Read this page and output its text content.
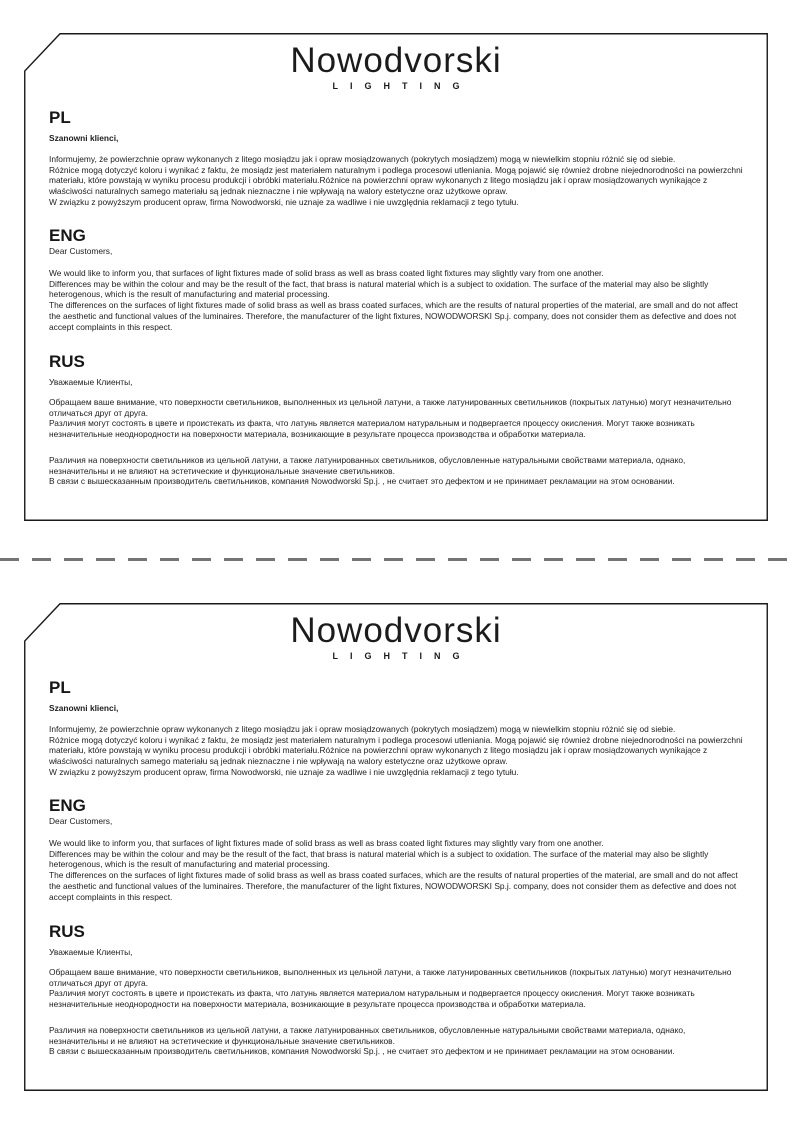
Nowodvorski
LIGHTING
PL
Szanowni klienci,
Informujemy, że powierzchnie opraw wykonanych z litego mosiądzu jak i opraw mosiądzowanych (pokrytych mosiądzem) mogą w niewielkim stopniu różnić się od siebie.
Różnice mogą dotyczyć koloru i wynikać z faktu, że mosiądz jest materiałem naturalnym i podlega procesowi utleniania. Mogą pojawić się również drobne niejednorodności na powierzchni materiału, które powstają w wyniku procesu produkcji i obróbki materiału.Różnice na powierzchni opraw wykonanych z litego mosiądzu jak i opraw mosiądzowanych wynikające z właściwości naturalnych samego materiału są jednak nieznaczne i nie wpływają na walory estetyczne oraz użytkowe opraw.
W związku z powyższym producent opraw, firma Nowodworski, nie uznaje za wadliwe i nie uwzględnia reklamacji z tego tytułu.
ENG
Dear Customers,
We would like to inform you, that surfaces of light fixtures made of solid brass as well as brass coated light fixtures may slightly vary from one another.
Differences may be within the colour and may be the result of the fact, that brass is natural material which is a subject to oxidation. The surface of the material may also be slightly heterogenous, which is the result of manufacturing and material processing.
The differences on the surfaces of light fixtures made of solid brass as well as brass coated surfaces, which are the results of natural properties of the material, are small and do not affect the aesthetic and functional values of the luminaires. Therefore, the manufacturer of the light fixtures, NOWODWORSKI Sp.j. company, does not consider them as defective and does not accept complaints in this respect.
RUS
Уважаемые Клиенты,
Обращаем ваше внимание, что поверхности светильников, выполненных из цельной латуни, а также латунированных светильников (покрытых латунью) могут незначительно отличаться друг от друга.
Различия могут состоять в цвете и проистекать из факта, что латунь является материалом натуральным и подвергается процессу окисления. Могут также возникать незначительные неоднородности на поверхности материала, возникающие в результате процесса производства и обработки материала.
Различия на поверхности светильников из цельной латуни, а также латунированных светильников, обусловленные натуральными свойствами материала, однако, незначительны и не влияют на эстетические и функциональные значение светильников.
В связи с вышесказанным производитель светильников, компания Nowodworski Sp.j. , не считает это дефектом и не принимает рекламации на этом основании.
Nowodvorski
LIGHTING
PL
Szanowni klienci,
Informujemy, że powierzchnie opraw wykonanych z litego mosiądzu jak i opraw mosiądzowanych (pokrytych mosiądzem) mogą w niewielkim stopniu różnić się od siebie.
Różnice mogą dotyczyć koloru i wynikać z faktu, że mosiądz jest materiałem naturalnym i podlega procesowi utleniania. Mogą pojawić się również drobne niejednorodności na powierzchni materiału, które powstają w wyniku procesu produkcji i obróbki materiału.Różnice na powierzchni opraw wykonanych z litego mosiądzu jak i opraw mosiądzowanych wynikające z właściwości naturalnych samego materiału są jednak nieznaczne i nie wpływają na walory estetyczne oraz użytkowe opraw.
W związku z powyższym producent opraw, firma Nowodworski, nie uznaje za wadliwe i nie uwzględnia reklamacji z tego tytułu.
ENG
Dear Customers,
We would like to inform you, that surfaces of light fixtures made of solid brass as well as brass coated light fixtures may slightly vary from one another.
Differences may be within the colour and may be the result of the fact, that brass is natural material which is a subject to oxidation. The surface of the material may also be slightly heterogenous, which is the result of manufacturing and material processing.
The differences on the surfaces of light fixtures made of solid brass as well as brass coated surfaces, which are the results of natural properties of the material, are small and do not affect the aesthetic and functional values of the luminaires. Therefore, the manufacturer of the light fixtures, NOWODWORSKI Sp.j. company, does not consider them as defective and does not accept complaints in this respect.
RUS
Уважаемые Клиенты,
Обращаем ваше внимание, что поверхности светильников, выполненных из цельной латуни, а также латунированных светильников (покрытых латунью) могут незначительно отличаться друг от друга.
Различия могут состоять в цвете и проистекать из факта, что латунь является материалом натуральным и подвергается процессу окисления. Могут также возникать незначительные неоднородности на поверхности материала, возникающие в результате процесса производства и обработки материала.
Различия на поверхности светильников из цельной латуни, а также латунированных светильников, обусловленные натуральными свойствами материала, однако, незначительны и не влияют на эстетические и функциональные значение светильников.
В связи с вышесказанным производитель светильников, компания Nowodworski Sp.j. , не считает это дефектом и не принимает рекламации на этом основании.
